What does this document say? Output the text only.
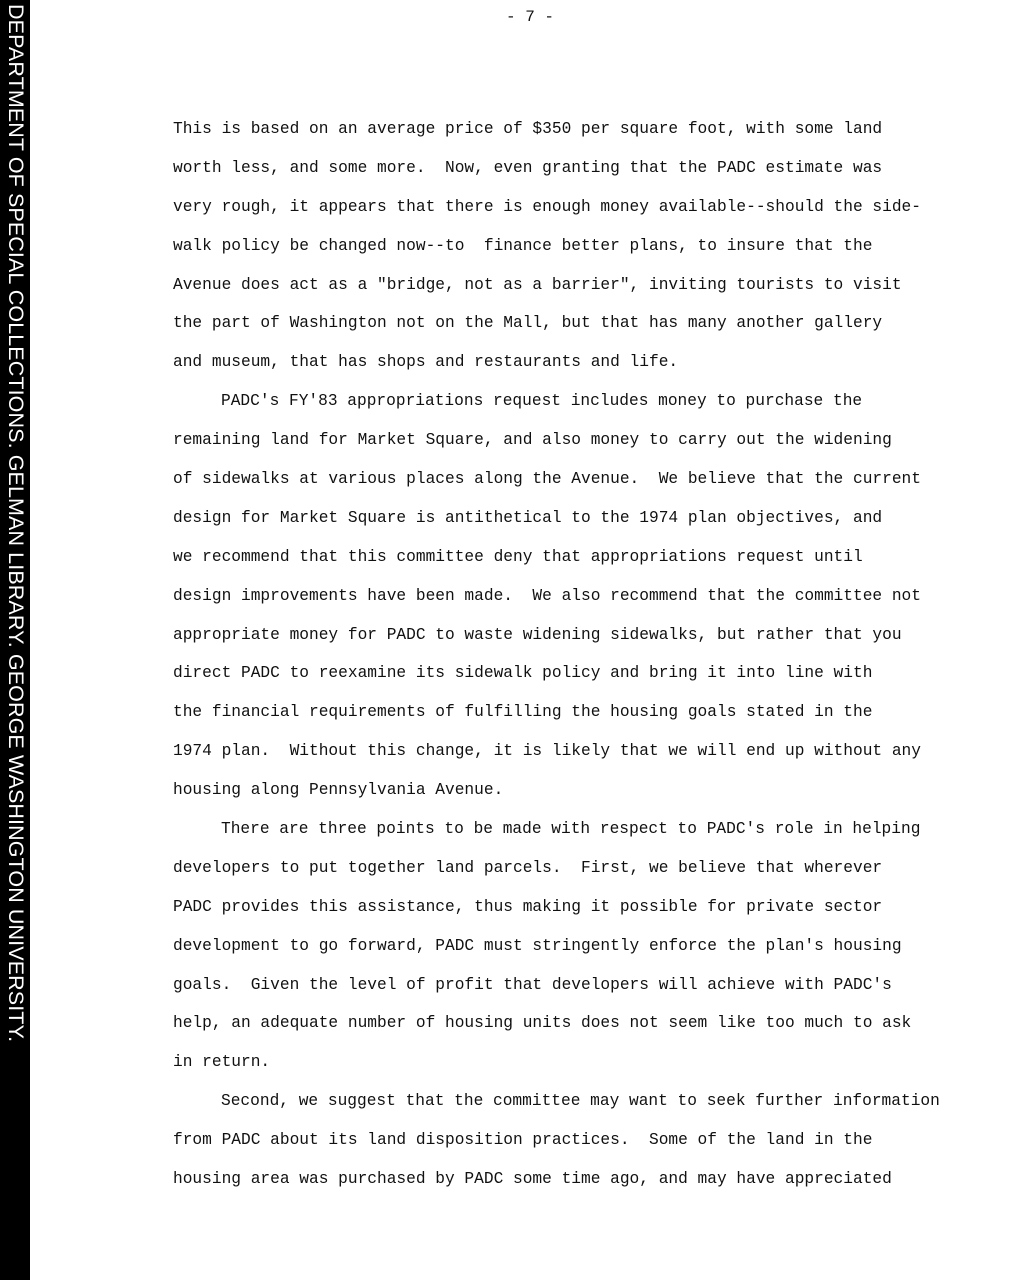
DEPARTMENT OF SPECIAL COLLECTIONS. GELMAN LIBRARY. GEORGE WASHINGTON UNIVERSITY.	- 7 -
This is based on an average price of $350 per square foot, with some land
worth less, and some more.  Now, even granting that the PADC estimate was
very rough, it appears that there is enough money available--should the side-
walk policy be changed now--to  finance better plans, to insure that the
Avenue does act as a "bridge, not as a barrier", inviting tourists to visit
the part of Washington not on the Mall, but that has many another gallery
and museum, that has shops and restaurants and life.
PADC's FY'83 appropriations request includes money to purchase the
remaining land for Market Square, and also money to carry out the widening
of sidewalks at various places along the Avenue.  We believe that the current
design for Market Square is antithetical to the 1974 plan objectives, and
we recommend that this committee deny that appropriations request until
design improvements have been made.  We also recommend that the committee not
appropriate money for PADC to waste widening sidewalks, but rather that you
direct PADC to reexamine its sidewalk policy and bring it into line with
the financial requirements of fulfilling the housing goals stated in the
1974 plan.  Without this change, it is likely that we will end up without any
housing along Pennsylvania Avenue.
There are three points to be made with respect to PADC's role in helping
developers to put together land parcels.  First, we believe that wherever
PADC provides this assistance, thus making it possible for private sector
development to go forward, PADC must stringently enforce the plan's housing
goals.  Given the level of profit that developers will achieve with PADC's
help, an adequate number of housing units does not seem like too much to ask
in return.
Second, we suggest that the committee may want to seek further information
from PADC about its land disposition practices.  Some of the land in the
housing area was purchased by PADC some time ago, and may have appreciated
